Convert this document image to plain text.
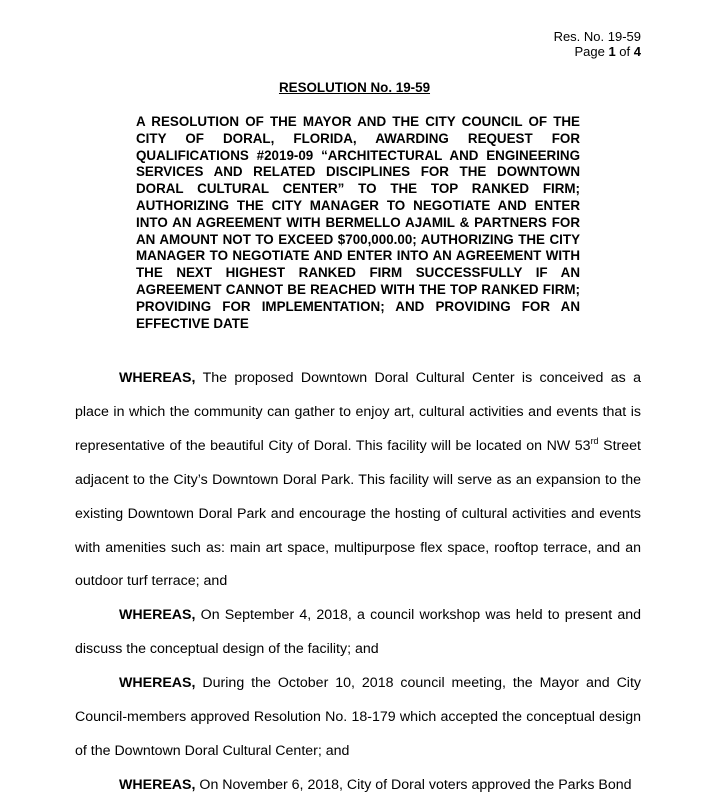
Res. No. 19-59
Page 1 of 4
RESOLUTION No. 19-59
A RESOLUTION OF THE MAYOR AND THE CITY COUNCIL OF THE CITY OF DORAL, FLORIDA, AWARDING REQUEST FOR QUALIFICATIONS #2019-09 “ARCHITECTURAL AND ENGINEERING SERVICES AND RELATED DISCIPLINES FOR THE DOWNTOWN DORAL CULTURAL CENTER” TO THE TOP RANKED FIRM; AUTHORIZING THE CITY MANAGER TO NEGOTIATE AND ENTER INTO AN AGREEMENT WITH BERMELLO AJAMIL & PARTNERS FOR AN AMOUNT NOT TO EXCEED $700,000.00; AUTHORIZING THE CITY MANAGER TO NEGOTIATE AND ENTER INTO AN AGREEMENT WITH THE NEXT HIGHEST RANKED FIRM SUCCESSFULLY IF AN AGREEMENT CANNOT BE REACHED WITH THE TOP RANKED FIRM; PROVIDING FOR IMPLEMENTATION; AND PROVIDING FOR AN EFFECTIVE DATE

WHEREAS, The proposed Downtown Doral Cultural Center is conceived as a place in which the community can gather to enjoy art, cultural activities and events that is representative of the beautiful City of Doral. This facility will be located on NW 53rd Street adjacent to the City’s Downtown Doral Park. This facility will serve as an expansion to the existing Downtown Doral Park and encourage the hosting of cultural activities and events with amenities such as: main art space, multipurpose flex space, rooftop terrace, and an outdoor turf terrace; and

WHEREAS, On September 4, 2018, a council workshop was held to present and discuss the conceptual design of the facility; and

WHEREAS, During the October 10, 2018 council meeting, the Mayor and City Council-members approved Resolution No. 18-179 which accepted the conceptual design of the Downtown Doral Cultural Center; and

WHEREAS, On November 6, 2018, City of Doral voters approved the Parks Bond
